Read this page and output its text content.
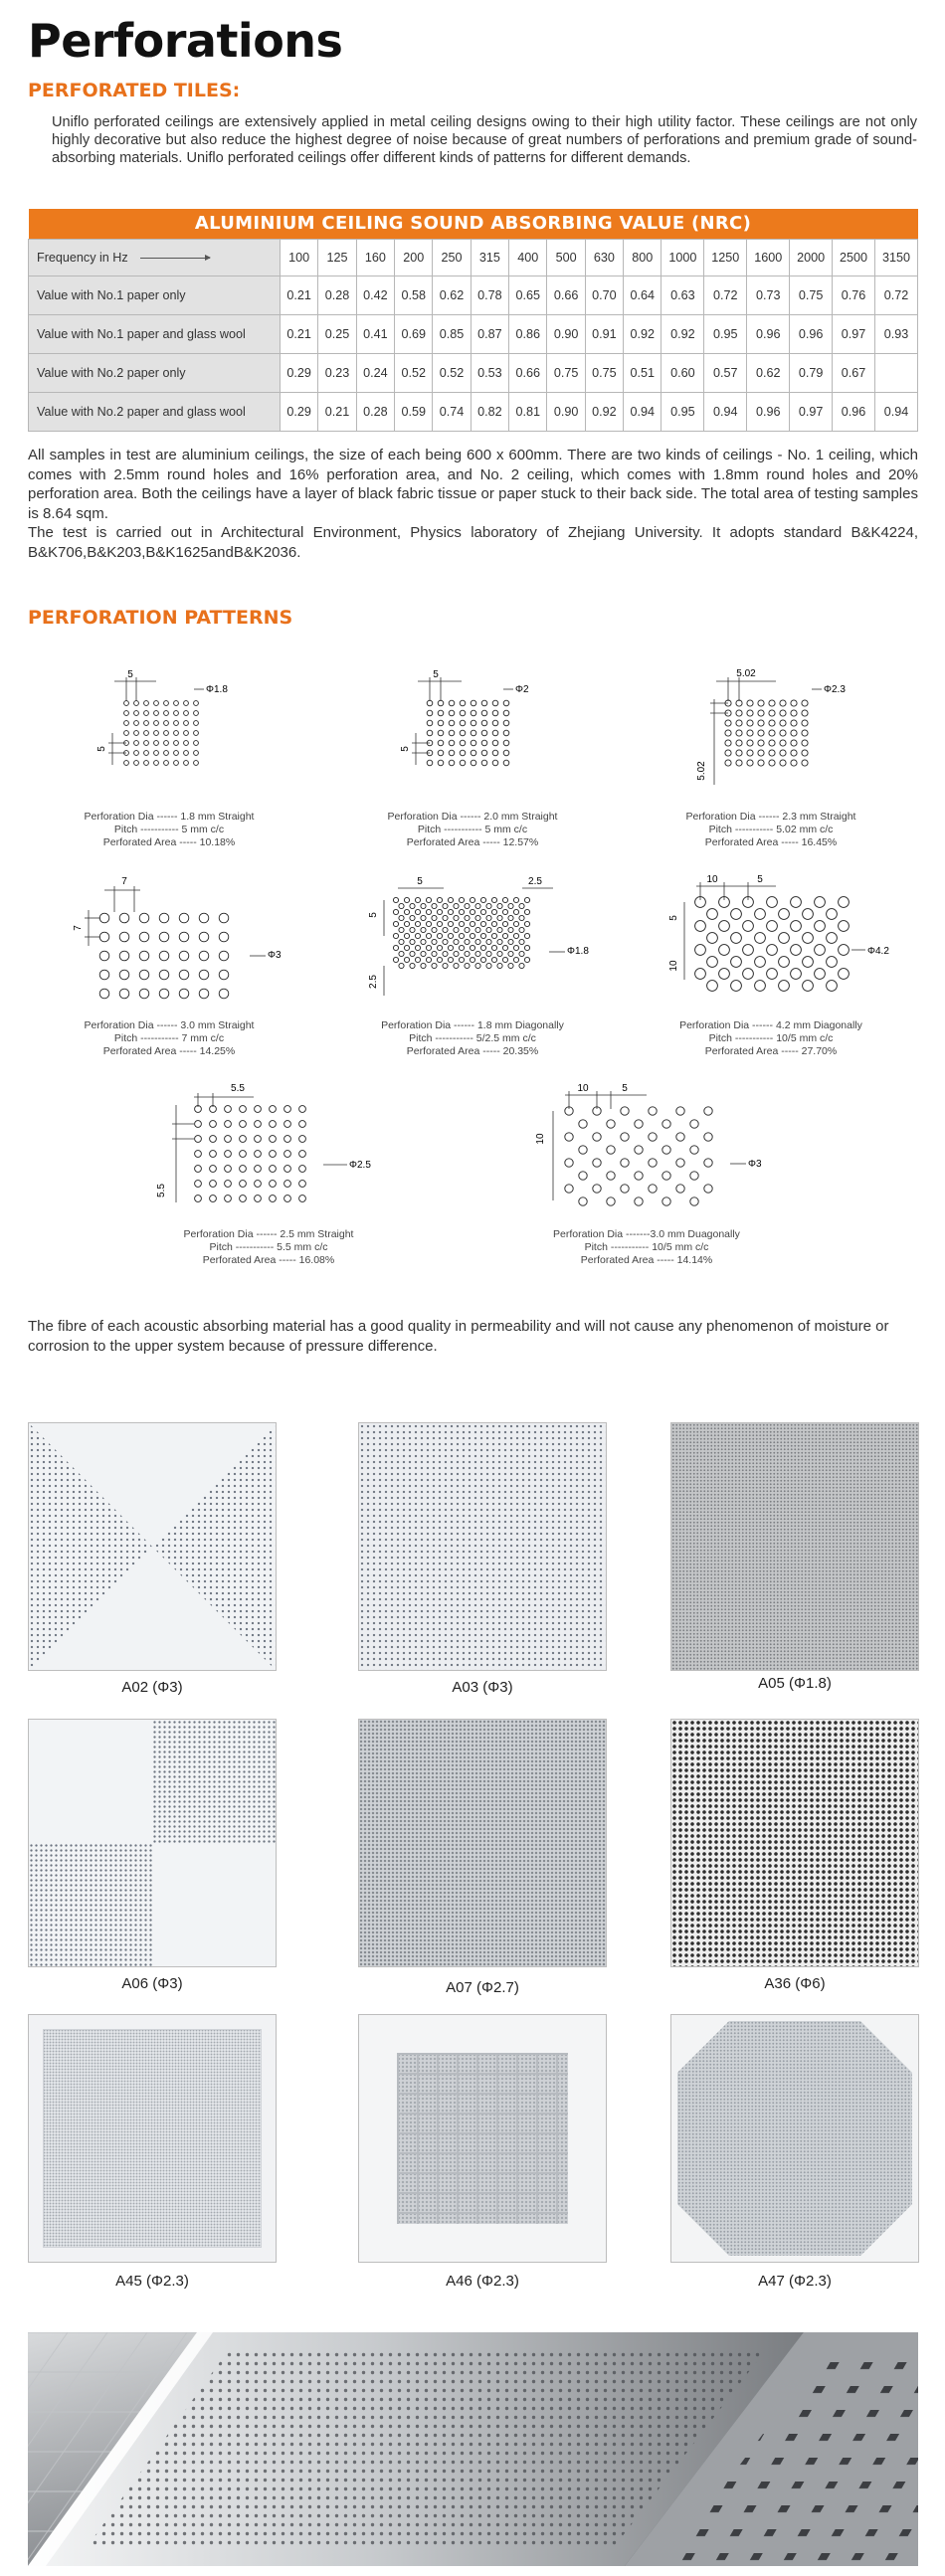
Perforations
PERFORATED TILES:
Uniflo perforated ceilings are extensively applied in metal ceiling designs owing to their high utility factor. These ceilings are not only highly decorative but also reduce the highest degree of noise because of great numbers of perforations and premium grade of sound-absorbing materials. Uniflo perforated ceilings offer different kinds of patterns for different demands.
ALUMINIUM CEILING SOUND ABSORBING VALUE (NRC)																
Frequency in Hz	100	125	160	200	250	315	400	500	630	800	1000	1250	1600	2000	2500	3150
Value with No.1 paper only	0.21	0.28	0.42	0.58	0.62	0.78	0.65	0.66	0.70	0.64	0.63	0.72	0.73	0.75	0.76	0.72
Value with No.1 paper and glass wool	0.21	0.25	0.41	0.69	0.85	0.87	0.86	0.90	0.91	0.92	0.92	0.95	0.96	0.96	0.97	0.93
Value with No.2 paper only	0.29	0.23	0.24	0.52	0.52	0.53	0.66	0.75	0.75	0.51	0.60	0.57	0.62	0.79	0.67	
Value with No.2 paper and glass wool	0.29	0.21	0.28	0.59	0.74	0.82	0.81	0.90	0.92	0.94	0.95	0.94	0.96	0.97	0.96	0.94

All samples in test are aluminium ceilings, the size of each being 600 x 600mm. There are two kinds of ceilings - No. 1 ceiling, which comes with 2.5mm round holes and 16% perforation area, and No. 2 ceiling, which comes with 1.8mm round holes and 20% perforation area. Both the ceilings have a layer of black fabric tissue or paper stuck to their back side. The total area of testing samples is 8.64 sqm.

The test is carried out in Architectural Environment, Physics laboratory of Zhejiang University. It adopts standard B&K4224, B&K706,B&K203,B&K1625andB&K2036.

PERFORATION PATTERNS
5
5
Φ1.8
Perforation Dia ------ 1.8 mm Straight
Pitch ----------- 5 mm c/c
Perforated Area ----- 10.18%
5
5
Φ2
Perforation Dia ------ 2.0 mm Straight
Pitch ----------- 5 mm c/c
Perforated Area ----- 12.57%
5.02
5.02
Φ2.3
Perforation Dia ------ 2.3 mm Straight
Pitch ----------- 5.02 mm c/c
Perforated Area ----- 16.45%
7
7
Φ3
Perforation Dia ------ 3.0 mm Straight
Pitch ----------- 7 mm c/c
Perforated Area ----- 14.25%
5	2.5
5
2.5
Φ1.8
Perforation Dia ------ 1.8 mm Diagonally
Pitch ----------- 5/2.5 mm c/c
Perforated Area ----- 20.35%
10	5
5
10
Φ4.2
Perforation Dia ------ 4.2 mm Diagonally
Pitch ----------- 10/5 mm c/c
Perforated Area ----- 27.70%
5.5
5.5
Φ2.5
Perforation Dia ------ 2.5 mm Straight
Pitch ----------- 5.5 mm c/c
Perforated Area ----- 16.08%
10	5
10
Φ3
Perforation Dia -------3.0 mm Duagonally
Pitch ----------- 10/5 mm c/c
Perforated Area ----- 14.14%
The fibre of each acoustic absorbing material has a good quality in permeability and will not cause any phenomenon of moisture or corrosion to the upper system because of pressure difference.
A02 (Φ3)	A03 (Φ3)	A05 (Φ1.8)
A06 (Φ3)	A07 (Φ2.7)	A36 (Φ6)
A45 (Φ2.3)	A46 (Φ2.3)	A47 (Φ2.3)
